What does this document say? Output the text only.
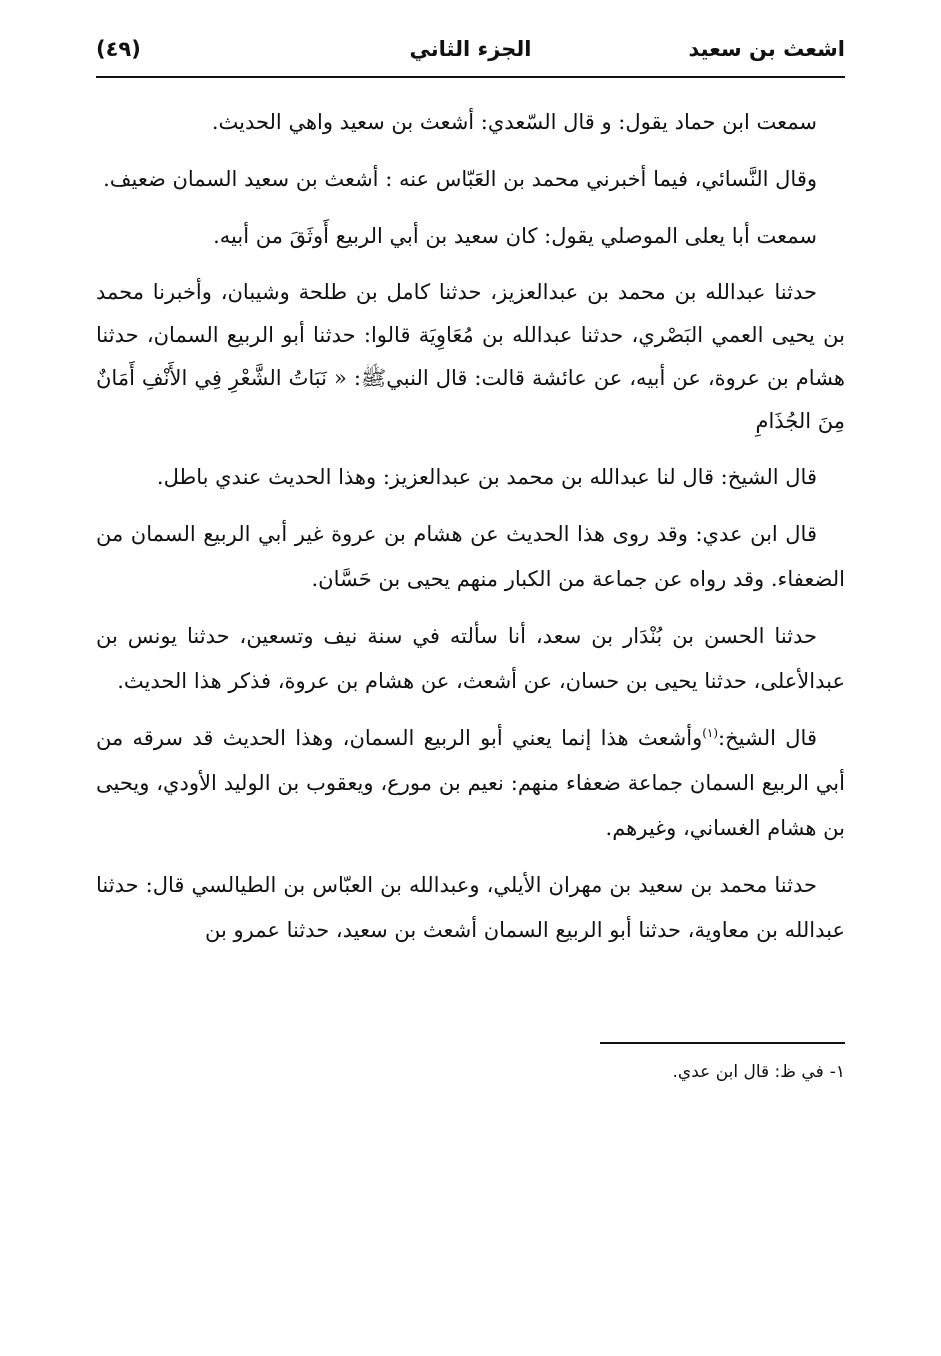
اشعث بن سعيد
الجزء الثاني
(٤٩)

سمعت ابن حماد يقول: و قال السّعدي: أشعث بن سعيد واهي الحديث.

وقال النَّسائي، فيما أخبرني محمد بن العَبّاس عنه : أشعث بن سعيد السمان ضعيف.

سمعت أبا يعلى الموصلي يقول: كان سعيد بن أبي الربيع أَوثَقَ من أبيه.

حدثنا عبدالله بن محمد بن عبدالعزيز، حدثنا كامل بن طلحة وشيبان، وأخبرنا محمد بن يحيى العمي البَصْري، حدثنا عبدالله بن مُعَاوِيَة قالوا: حدثنا أبو الربيع السمان، حدثنا هشام بن عروة، عن أبيه، عن عائشة قالت: قال النبيﷺ: « نَبَاتُ الشَّعْرِ فِي الأَنْفِ أَمَانٌ مِنَ الجُذَامِ

قال الشيخ: قال لنا عبدالله بن محمد بن عبدالعزيز: وهذا الحديث عندي باطل.

قال ابن عدي: وقد روى هذا الحديث عن هشام بن عروة غير أبي الربيع السمان من الضعفاء. وقد رواه عن جماعة من الكبار منهم يحيى بن حَسَّان.

حدثنا الحسن بن بُنْدَار بن سعد، أنا سألته في سنة نيف وتسعين، حدثنا يونس بن عبدالأعلى، حدثنا يحيى بن حسان، عن أشعث، عن هشام بن عروة، فذكر هذا الحديث.

قال الشيخ:$^{(١)}$وأشعث هذا إنما يعني أبو الربيع السمان، وهذا الحديث قد سرقه من أبي الربيع السمان جماعة ضعفاء منهم: نعيم بن مورع، ويعقوب بن الوليد الأودي، ويحيى بن هشام الغساني، وغيرهم.

حدثنا محمد بن سعيد بن مهران الأيلي، وعبدالله بن العبّاس بن الطيالسي قال: حدثنا عبدالله بن معاوية، حدثنا أبو الربيع السمان أشعث بن سعيد، حدثنا عمرو بن

١-في ظ: قال ابن عدي.
